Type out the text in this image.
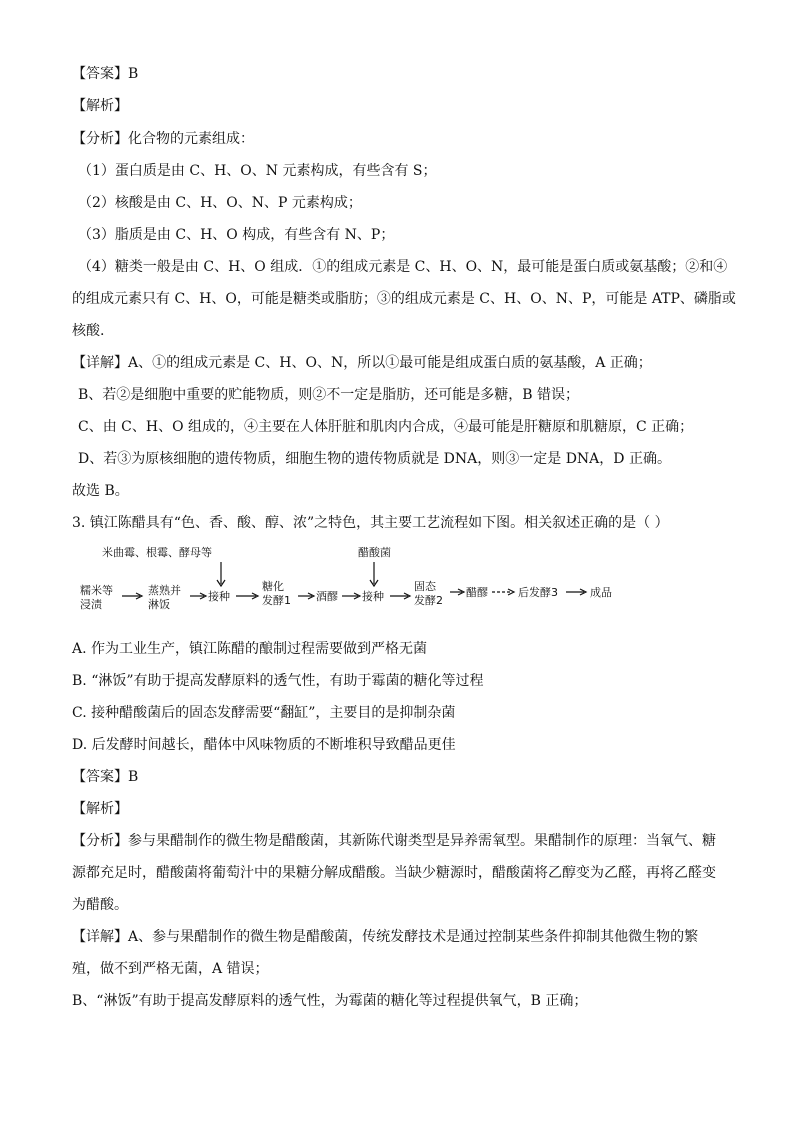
【答案】B
【解析】
【分析】化合物的元素组成：
（1）蛋白质是由 C、H、O、N 元素构成，有些含有 S；
（2）核酸是由 C、H、O、N、P 元素构成；
（3）脂质是由 C、H、O 构成，有些含有 N、P；
（4）糖类一般是由 C、H、O 组成．①的组成元素是 C、H、O、N，最可能是蛋白质或氨基酸；②和④
的组成元素只有 C、H、O，可能是糖类或脂肪；③的组成元素是 C、H、O、N、P，可能是 ATP、磷脂或
核酸.
【详解】A、①的组成元素是 C、H、O、N，所以①最可能是组成蛋白质的氨基酸，A 正确；
B、若②是细胞中重要的贮能物质，则②不一定是脂肪，还可能是多糖，B 错误；
C、由 C、H、O 组成的，④主要在人体肝脏和肌肉内合成，④最可能是肝糖原和肌糖原，C 正确；
D、若③为原核细胞的遗传物质，细胞生物的遗传物质就是 DNA，则③一定是 DNA，D 正确。
故选 B。
3. 镇江陈醋具有“色、香、酸、醇、浓”之特色，其主要工艺流程如下图。相关叙述正确的是（ ）
米曲霉、根霉、酵母等	醋酸菌
糯米等
浸渍
蒸熟并
淋饭
接种
糖化
发酵1 酒醪 接种
固态
发酵2
醋醪	后发酵3	成品
A. 作为工业生产，镇江陈醋的酿制过程需要做到严格无菌
B. “淋饭”有助于提高发酵原料的透气性，有助于霉菌的糖化等过程
C. 接种醋酸菌后的固态发酵需要“翻缸”，主要目的是抑制杂菌
D. 后发酵时间越长，醋体中风味物质的不断堆积导致醋品更佳
【答案】B
【解析】
【分析】参与果醋制作的微生物是醋酸菌，其新陈代谢类型是异养需氧型。果醋制作的原理：当氧气、糖
源都充足时，醋酸菌将葡萄汁中的果糖分解成醋酸。当缺少糖源时，醋酸菌将乙醇变为乙醛，再将乙醛变
为醋酸。
【详解】A、参与果醋制作的微生物是醋酸菌，传统发酵技术是通过控制某些条件抑制其他微生物的繁
殖，做不到严格无菌，A 错误；
B、“淋饭”有助于提高发酵原料的透气性，为霉菌的糖化等过程提供氧气，B 正确；
